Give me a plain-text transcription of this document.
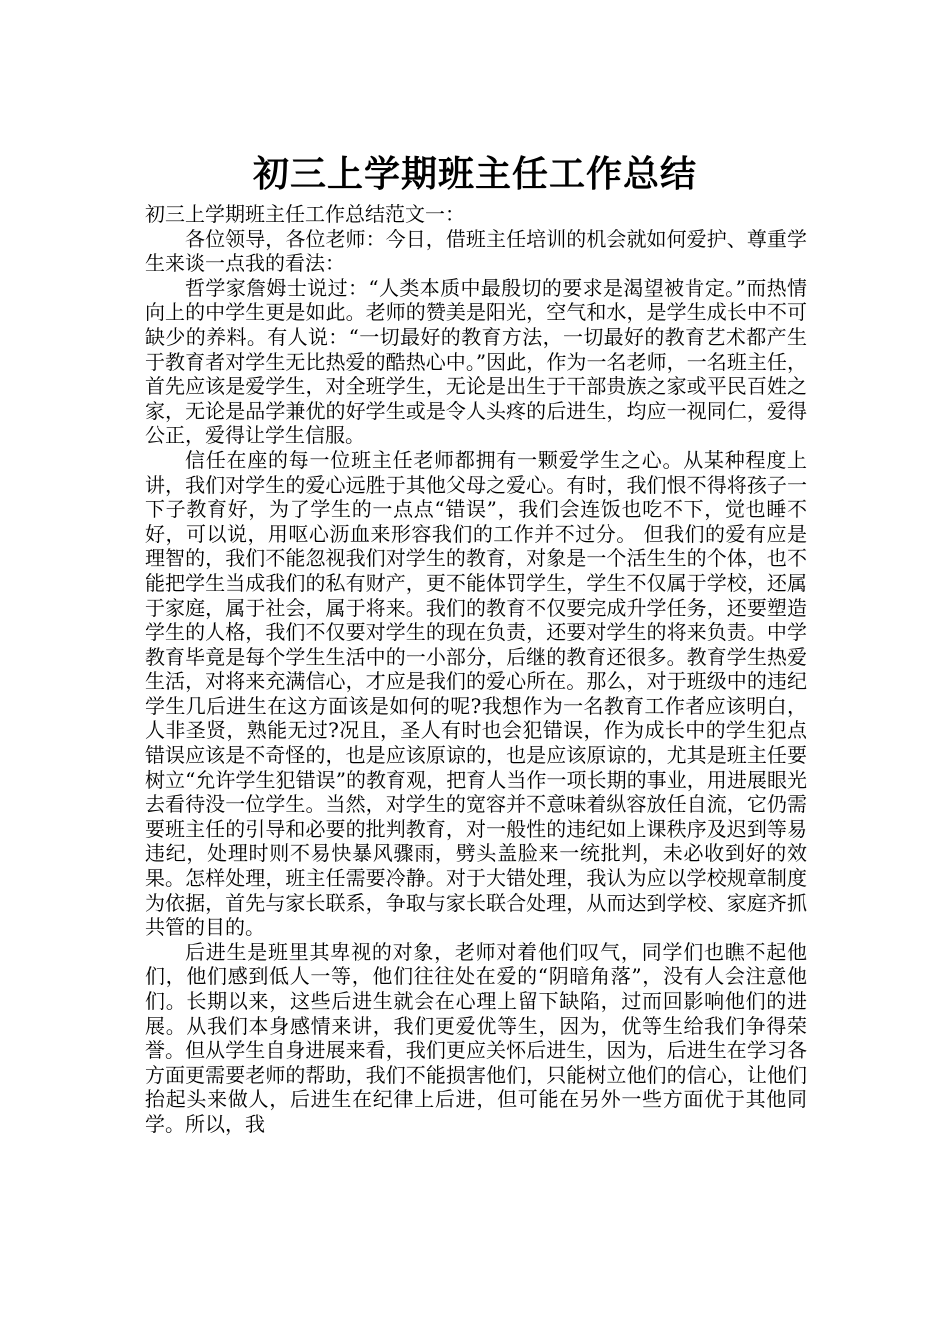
初三上学期班主任工作总结

初三上学期班主任工作总结范文一：

各位领导，各位老师：今日，借班主任培训的机会就如何爱护、尊重学生来谈一点我的看法：

哲学家詹姆士说过：“人类本质中最殷切的要求是渴望被肯定。”而热情向上的中学生更是如此。老师的赞美是阳光，空气和水，是学生成长中不可缺少的养料。有人说：“一切最好的教育方法，一切最好的教育艺术都产生于教育者对学生无比热爱的酷热心中。”因此，作为一名老师，一名班主任，首先应该是爱学生，对全班学生，无论是出生于干部贵族之家或平民百姓之家，无论是品学兼优的好学生或是令人头疼的后进生，均应一视同仁，爱得公正，爱得让学生信服。

信任在座的每一位班主任老师都拥有一颗爱学生之心。从某种程度上讲，我们对学生的爱心远胜于其他父母之爱心。有时，我们恨不得将孩子一下子教育好，为了学生的一点点“错误”，我们会连饭也吃不下，觉也睡不好，可以说，用呕心沥血来形容我们的工作并不过分。 但我们的爱有应是理智的，我们不能忽视我们对学生的教育，对象是一个活生生的个体，也不能把学生当成我们的私有财产，更不能体罚学生，学生不仅属于学校，还属于家庭，属于社会，属于将来。我们的教育不仅要完成升学任务，还要塑造学生的人格，我们不仅要对学生的现在负责，还要对学生的将来负责。中学教育毕竟是每个学生生活中的一小部分，后继的教育还很多。教育学生热爱生活，对将来充满信心，才应是我们的爱心所在。那么，对于班级中的违纪学生几后进生在这方面该是如何的呢?我想作为一名教育工作者应该明白，人非圣贤，熟能无过?况且，圣人有时也会犯错误，作为成长中的学生犯点错误应该是不奇怪的，也是应该原谅的，也是应该原谅的，尤其是班主任要树立“允许学生犯错误”的教育观，把育人当作一项长期的事业，用进展眼光去看待没一位学生。当然，对学生的宽容并不意味着纵容放任自流，它仍需要班主任的引导和必要的批判教育，对一般性的违纪如上课秩序及迟到等易违纪，处理时则不易快暴风骤雨，劈头盖脸来一统批判，未必收到好的效果。怎样处理，班主任需要冷静。对于大错处理，我认为应以学校规章制度为依据，首先与家长联系，争取与家长联合处理，从而达到学校、家庭齐抓共管的目的。

后进生是班里其卑视的对象，老师对着他们叹气，同学们也瞧不起他们，他们感到低人一等，他们往往处在爱的“阴暗角落”，没有人会注意他们。长期以来，这些后进生就会在心理上留下缺陷，过而回影响他们的进展。从我们本身感情来讲，我们更爱优等生，因为，优等生给我们争得荣誉。但从学生自身进展来看，我们更应关怀后进生，因为，后进生在学习各方面更需要老师的帮助，我们不能损害他们，只能树立他们的信心，让他们抬起头来做人，后进生在纪律上后进，但可能在另外一些方面优于其他同学。所以，我
